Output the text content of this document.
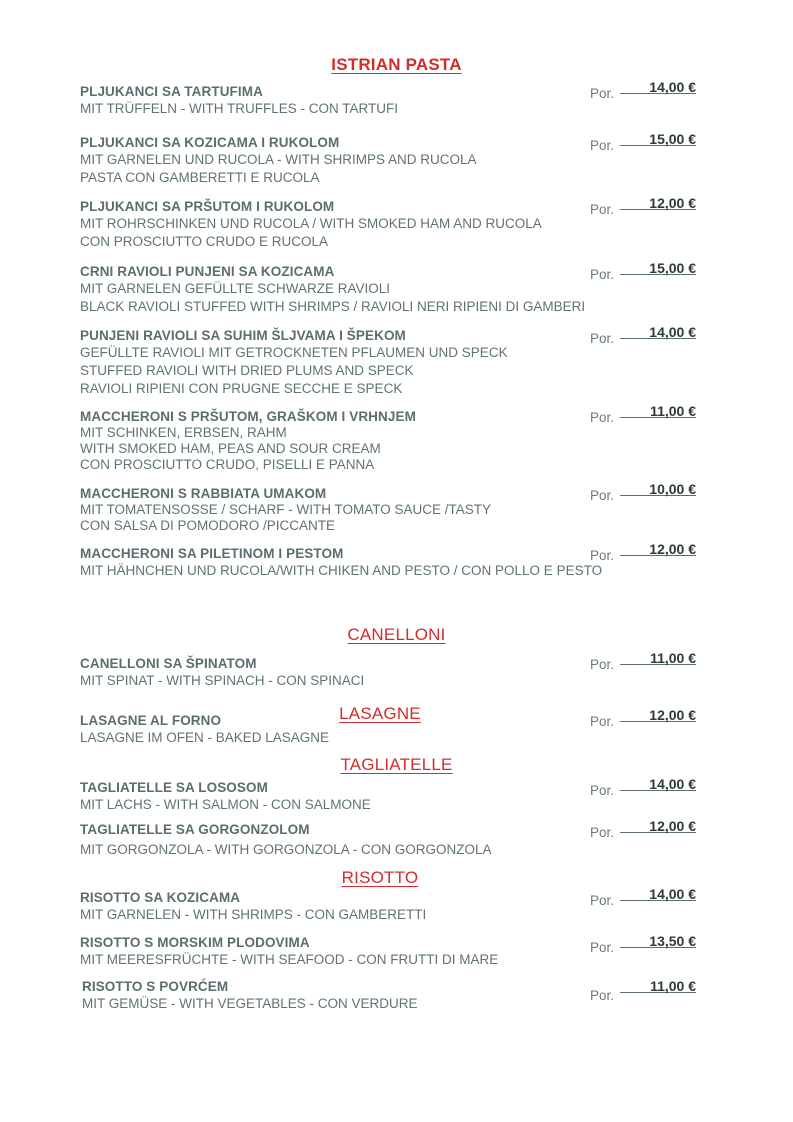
ISTRIAN PASTA
CANELLONI
LASAGNE
TAGLIATELLE
RISOTTO
PLJUKANCI SA TARTUFIMA
MIT TRÜFFELN - WITH TRUFFLES - CON TARTUFI
Por.	14,00 €
PLJUKANCI SA KOZICAMA I RUKOLOM
MIT GARNELEN UND RUCOLA - WITH SHRIMPS AND RUCOLA
PASTA CON GAMBERETTI E RUCOLA
Por.	15,00 €
PLJUKANCI SA PRŠUTOM I RUKOLOM
MIT ROHRSCHINKEN UND RUCOLA / WITH SMOKED HAM AND RUCOLA
CON PROSCIUTTO CRUDO E RUCOLA
Por.	12,00 €
CRNI RAVIOLI PUNJENI SA KOZICAMA
MIT GARNELEN GEFÜLLTE SCHWARZE RAVIOLI
BLACK RAVIOLI STUFFED WITH SHRIMPS / RAVIOLI NERI RIPIENI DI GAMBERI
Por.	15,00 €
PUNJENI RAVIOLI SA SUHIM ŠLJVAMA I ŠPEKOM
GEFÜLLTE RAVIOLI MIT GETROCKNETEN PFLAUMEN UND SPECK
STUFFED RAVIOLI WITH DRIED PLUMS AND SPECK
RAVIOLI RIPIENI CON PRUGNE SECCHE E SPECK
Por.	14,00 €
MACCHERONI S PRŠUTOM, GRAŠKOM I VRHNJEM
MIT SCHINKEN, ERBSEN, RAHM
WITH SMOKED HAM, PEAS AND SOUR CREAM
CON PROSCIUTTO CRUDO, PISELLI E PANNA
Por.	11,00 €
MACCHERONI S RABBIATA UMAKOM
MIT TOMATENSOSSE / SCHARF - WITH TOMATO SAUCE /TASTY
CON SALSA DI POMODORO /PICCANTE
Por.	10,00 €
MACCHERONI SA PILETINOM I PESTOM
MIT HÄHNCHEN UND RUCOLA/WITH CHIKEN AND PESTO / CON POLLO E PESTO
Por.	12,00 €
CANELLONI SA ŠPINATOM
MIT SPINAT - WITH SPINACH - CON SPINACI
Por.	11,00 €
LASAGNE AL FORNO
LASAGNE IM OFEN - BAKED LASAGNE
Por.	12,00 €
TAGLIATELLE SA LOSOSOM
MIT LACHS - WITH SALMON - CON SALMONE
Por.	14,00 €
TAGLIATELLE SA GORGONZOLOM
MIT GORGONZOLA - WITH GORGONZOLA - CON GORGONZOLA
Por.	12,00 €
RISOTTO SA KOZICAMA
MIT GARNELEN - WITH SHRIMPS - CON GAMBERETTI
Por.	14,00 €
RISOTTO S MORSKIM PLODOVIMA
MIT MEERESFRÜCHTE - WITH SEAFOOD - CON FRUTTI DI MARE
Por.	13,50 €
RISOTTO S POVRĆEM
MIT GEMÜSE - WITH VEGETABLES - CON VERDURE
Por.
11,00 €
